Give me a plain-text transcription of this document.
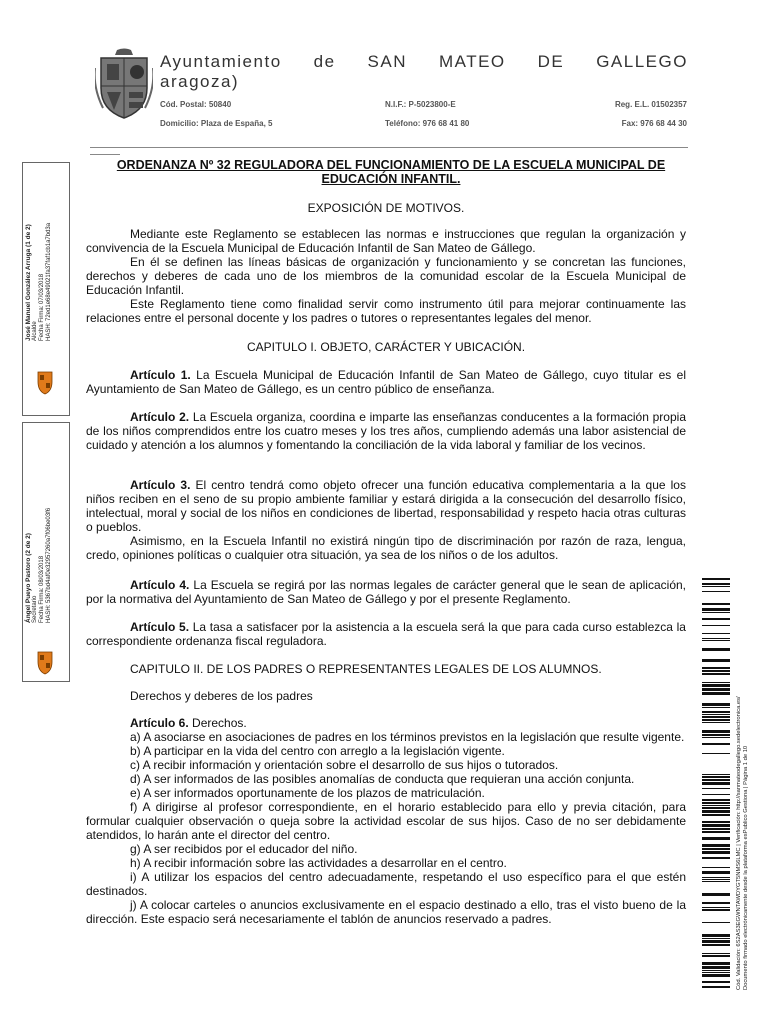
Ayuntamiento de SAN MATEO DE GALLEGO
aragoza)
Cód. Postal: 50840	N.I.F.: P-5023800-E	Reg. E.L. 01502357
Domicilio: Plaza de España, 5	Teléfono: 976 68 41 80	Fax: 976 68 44 30
ORDENANZA Nº 32 REGULADORA DEL FUNCIONAMIENTO DE LA ESCUELA MUNICIPAL DE EDUCACIÓN INFANTIL.

EXPOSICIÓN DE MOTIVOS.

Mediante este Reglamento se establecen las normas e instrucciones que regulan la organización y convivencia de la Escuela Municipal de Educación Infantil de San Mateo de Gállego.

En él se definen las líneas básicas de organización y funcionamiento y se concretan las funciones, derechos y deberes de cada uno de los miembros de la comunidad escolar de la Escuela Municipal de Educación Infantil.

Este Reglamento tiene como finalidad servir como instrumento útil para mejorar continuamente las relaciones entre el personal docente y los padres o tutores o representantes legales del menor.

CAPITULO I. OBJETO, CARÁCTER Y UBICACIÓN.

Artículo 1. La Escuela Municipal de Educación Infantil de San Mateo de Gállego, cuyo titular es el Ayuntamiento de San Mateo de Gállego, es un centro público de enseñanza.

Artículo 2. La Escuela organiza, coordina e imparte las enseñanzas conducentes a la formación propia de los niños comprendidos entre los cuatro meses y los tres años, cumpliendo además una labor asistencial de cuidado y atención a los alumnos y fomentando la conciliación de la vida laboral y familiar de los vecinos.

Artículo 3. El centro tendrá como objeto ofrecer una función educativa complementaria a la que los niños reciben en el seno de su propio ambiente familiar y estará dirigida a la consecución del desarrollo físico, intelectual, moral y social de los niños en condiciones de libertad, responsabilidad y respeto hacia otras culturas o pueblos.

Asimismo, en la Escuela Infantil no existirá ningún tipo de discriminación por razón de raza, lengua, credo, opiniones políticas o cualquier otra situación, ya sea de los niños o de los adultos.

Artículo 4. La Escuela se regirá por las normas legales de carácter general que le sean de aplicación, por la normativa del Ayuntamiento de San Mateo de Gállego y por el presente Reglamento.

Artículo 5. La tasa a satisfacer por la asistencia a la escuela será la que para cada curso establezca la correspondiente ordenanza fiscal reguladora.

CAPITULO II. DE LOS PADRES O REPRESENTANTES LEGALES DE LOS ALUMNOS.

Derechos y deberes de los padres

Artículo 6. Derechos.

a) A asociarse en asociaciones de padres en los términos previstos en la legislación que resulte vigente.

b) A participar en la vida del centro con arreglo a la legislación vigente.

c) A recibir información y orientación sobre el desarrollo de sus hijos o tutorados.

d) A ser informados de las posibles anomalías de conducta que requieran una acción conjunta.

e) A ser informados oportunamente de los plazos de matriculación.

f) A dirigirse al profesor correspondiente, en el horario establecido para ello y previa citación, para formular cualquier observación o queja sobre la actividad escolar de sus hijos. Caso de no ser debidamente atendidos, lo harán ante el director del centro.

g) A ser recibidos por el educador del niño.

h) A recibir información sobre las actividades a desarrollar en el centro.

i) A utilizar los espacios del centro adecuadamente, respetando el uso específico para el que estén destinados.

j) A colocar carteles o anuncios exclusivamente en el espacio destinado a ello, tras el visto bueno de la dirección. Este espacio será necesariamente el tablón de anuncios reservado a padres.

José Manuel González Arruga (1 de 2) Alcalde Fecha Firma: 07/03/2018 HASH: 72ed1e68e49021fa37faf1cb1a7bd3a
Ángel Pueyo Pastoro (2 de 2) Secretario Fecha Firma: 08/03/2018 HASH: 5367bd4af0e32957260a7f06be03f6
Cód. Validación: 6S2AS3EGWNTAWDYGT5NMS6LMC | Verificación: http://sanmateodegallego.sedelectronica.es/ Documento firmado electrónicamente desde la plataforma esPublico Gestiona | Página 1 de 10
